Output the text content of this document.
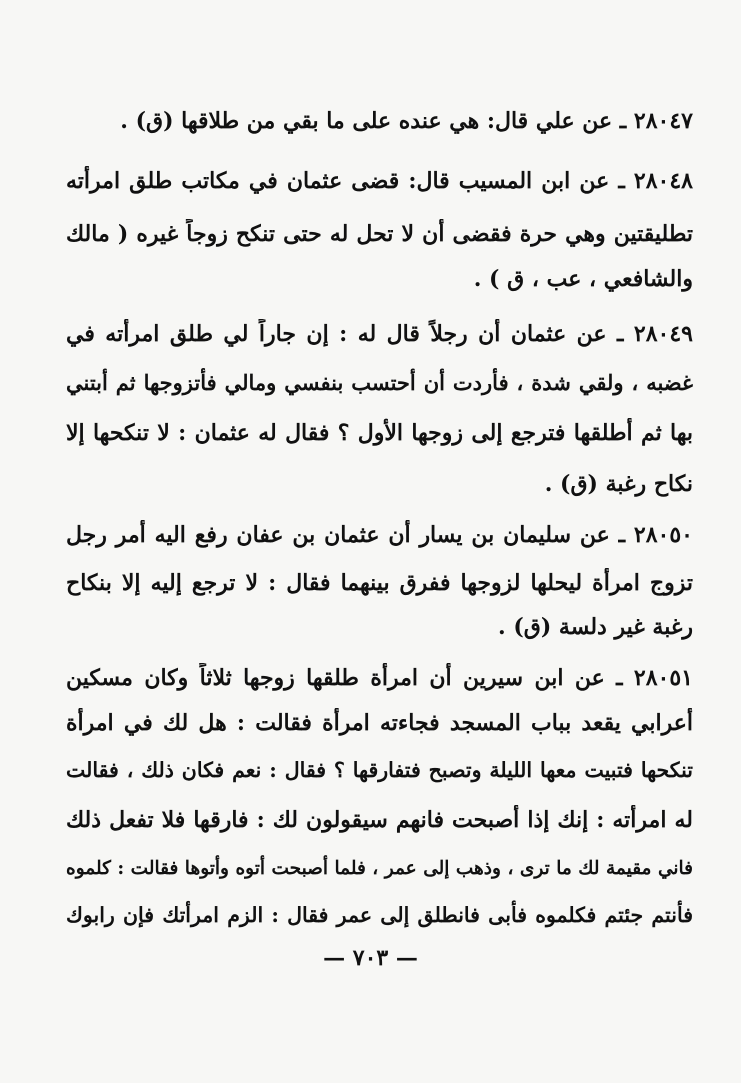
٢٨٠٤٧ ـ عن علي قال: هي عنده على ما بقي من طلاقها (ق) .
٢٨٠٤٨ ـ عن ابن المسيب قال: قضى عثمان في مكاتب طلق امرأته
تطليقتين وهي حرة فقضى أن لا تحل له حتى تنكح زوجاً غيره ( مالك
والشافعي ، عب ، ق ) .
٢٨٠٤٩ ـ عن عثمان أن رجلاً قال له : إن جاراً لي طلق امرأته في
غضبه ، ولقي شدة ، فأردت أن أحتسب بنفسي ومالي فأتزوجها ثم أبتني
بها ثم أطلقها فترجع إلى زوجها الأول ؟ فقال له عثمان : لا تنكحها إلا
نكاح رغبة (ق) .
٢٨٠٥٠ ـ عن سليمان بن يسار أن عثمان بن عفان رفع اليه أمر رجل
تزوج امرأة ليحلها لزوجها ففرق بينهما فقال : لا ترجع إليه إلا بنكاح
رغبة غير دلسة (ق) .
٢٨٠٥١ ـ عن ابن سيرين أن امرأة طلقها زوجها ثلاثاً وكان مسكين
أعرابي يقعد بباب المسجد فجاءته امرأة فقالت : هل لك في امرأة
تنكحها فتبيت معها الليلة وتصبح فتفارقها ؟ فقال : نعم فكان ذلك ، فقالت
له امرأته : إنك إذا أصبحت فانهم سيقولون لك : فارقها فلا تفعل ذلك
فاني مقيمة لك ما ترى ، وذهب إلى عمر ، فلما أصبحت أتوه وأتوها فقالت : كلموه
فأنتم جئتم فكلموه فأبى فانطلق إلى عمر فقال : الزم امرأتك فإن رابوك
— ٧٠٣ —
